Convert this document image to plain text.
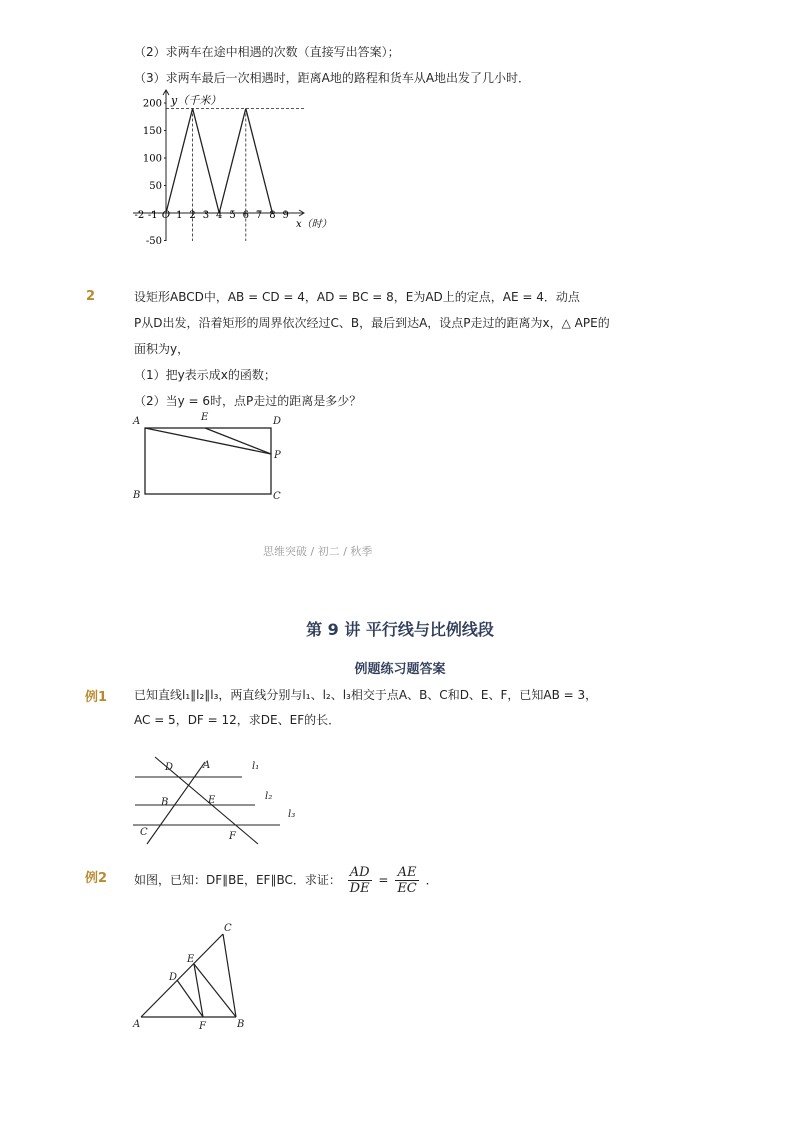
（2）求两车在途中相遇的次数（直接写出答案）；
（3）求两车最后一次相遇时，距离A地的路程和货车从A地出发了几小时．
200
150
100
50
-50
-2 -1 O 1 2 3 4 5 6 7 8 9
y（千米）
x（时）
2	设矩形ABCD中，AB = CD = 4，AD = BC = 8，E为AD上的定点，AE = 4．动点
P从D出发，沿着矩形的周界依次经过C、B，最后到达A，设点P走过的距离为x，△ APE的
面积为y，
（1）把y表示成x的函数；
（2）当y = 6时，点P走过的距离是多少？
A	E	D
P
B	C
思维突破 / 初二 / 秋季
第 9 讲 平行线与比例线段
例题练习题答案
例1 已知直线l₁∥l₂∥l₃，两直线分别与l₁、l₂、l₃相交于点A、B、C和D、E、F，已知AB = 3，
AC = 5，DF = 12，求DE、EF的长．
D	A	l₁
B	E	l₂
l₃
C	F
例2 如图，已知：DF∥BE，EF∥BC．求证： $\frac{AD}{DE} = \frac{AE}{EC}$ ．
C
E
D
A	F	B
